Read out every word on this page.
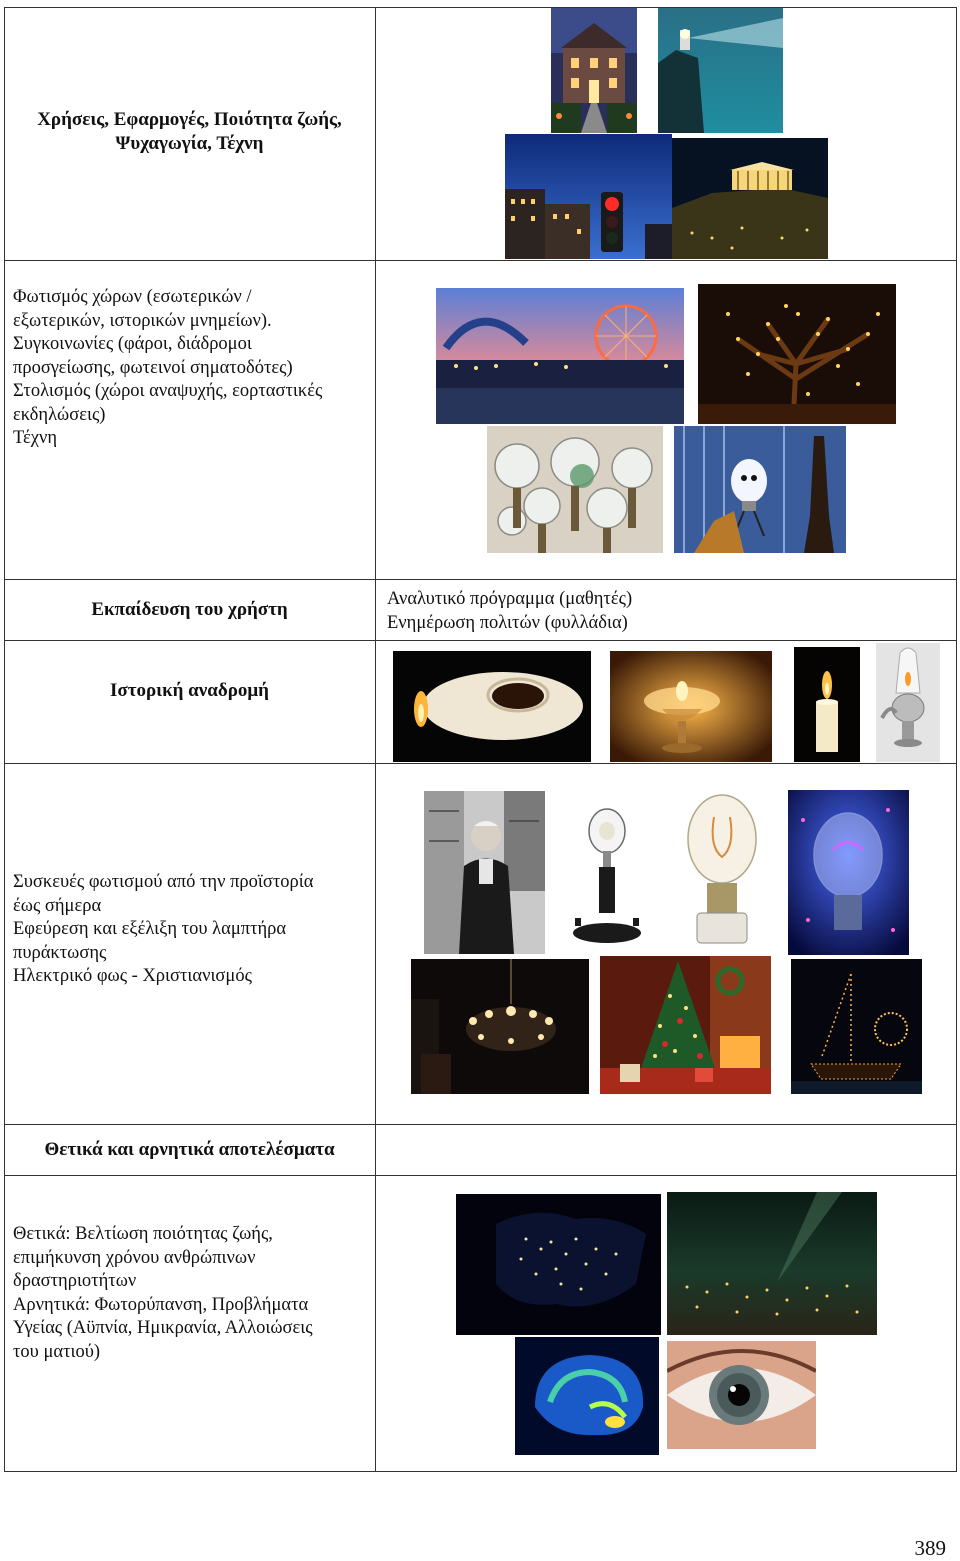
Χρήσεις, Εφαρμογές, Ποιότητα ζωής,
Ψυχαγωγία, Τέχνη
Φωτισμός χώρων (εσωτερικών /
εξωτερικών, ιστορικών μνημείων).
Συγκοινωνίες (φάροι, διάδρομοι
προσγείωσης, φωτεινοί σηματοδότες)
Στολισμός (χώροι αναψυχής, εορταστικές
εκδηλώσεις)
Τέχνη
Εκπαίδευση του χρήστη	Αναλυτικό πρόγραμμα (μαθητές)
Ενημέρωση πολιτών (φυλλάδια)
Ιστορική αναδρομή
Συσκευές φωτισμού από την προϊστορία
έως σήμερα
Εφεύρεση και εξέλιξη του λαμπτήρα
πυράκτωσης
Ηλεκτρικό φως - Χριστιανισμός
Θετικά και αρνητικά αποτελέσματα
Θετικά: Βελτίωση ποιότητας ζωής,
επιμήκυνση χρόνου ανθρώπινων
δραστηριοτήτων
Αρνητικά: Φωτορύπανση, Προβλήματα
Υγείας (Αϋπνία, Ημικρανία, Αλλοιώσεις
του ματιού)
389
